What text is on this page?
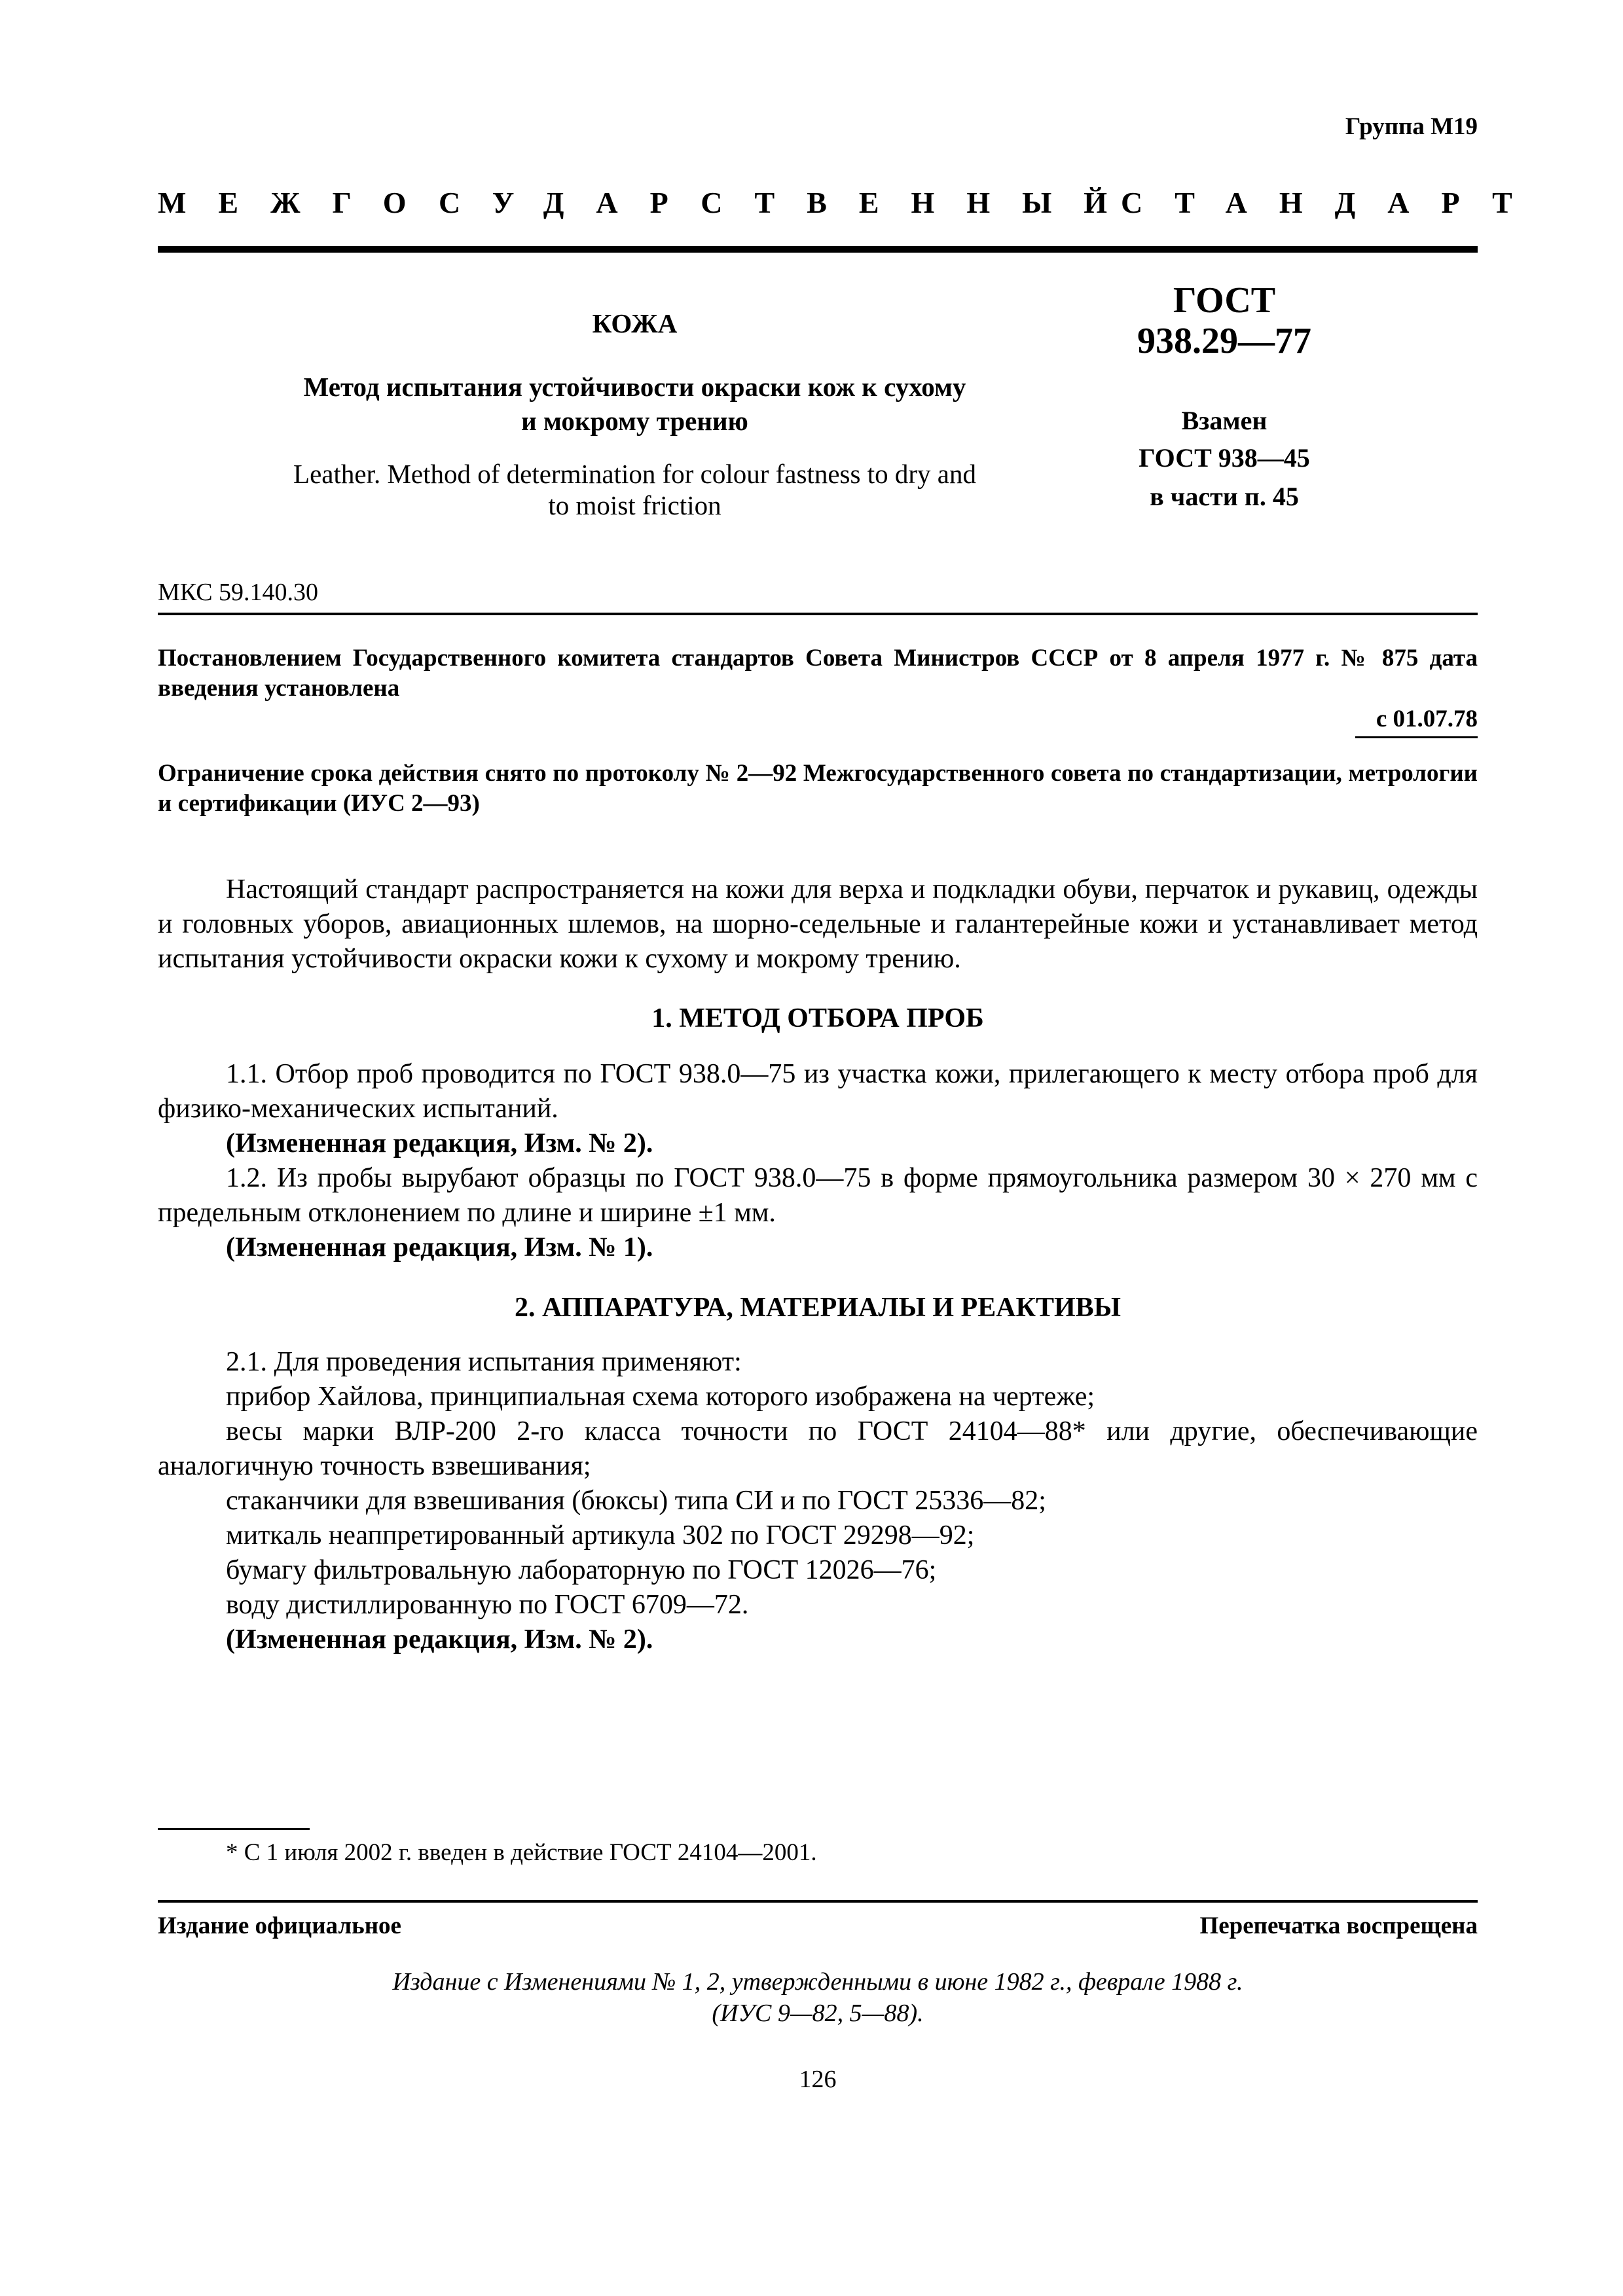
Группа М19
МЕЖГОСУДАРСТВЕННЫЙ
СТАНДАРТ
КОЖА
Метод испытания устойчивости окраски кож к сухому
и мокрому трению
Leather. Method of determination for colour fastness to dry and
to moist friction
ГОСТ
938.29—77
Взамен
ГОСТ 938—45
в части п. 45
МКС 59.140.30
Постановлением Государственного комитета стандартов Совета Министров СССР от 8 апреля 1977 г. № 875 дата введения установлена
с 01.07.78
Ограничение срока действия снято по протоколу № 2—92 Межгосударственного совета по стандартизации, метрологии и сертификации (ИУС 2—93)
Настоящий стандарт распространяется на кожи для верха и подкладки обуви, перчаток и рукавиц, одежды и головных уборов, авиационных шлемов, на шорно-седельные и галантерейные кожи и устанавливает метод испытания устойчивости окраски кожи к сухому и мокрому трению.
1. МЕТОД ОТБОРА ПРОБ
1.1. Отбор проб проводится по ГОСТ 938.0—75 из участка кожи, прилегающего к месту отбора проб для физико-механических испытаний.
(Измененная редакция, Изм. № 2).
1.2. Из пробы вырубают образцы по ГОСТ 938.0—75 в форме прямоугольника размером 30 × 270 мм с предельным отклонением по длине и ширине ±1 мм.
(Измененная редакция, Изм. № 1).
2. АППАРАТУРА, МАТЕРИАЛЫ И РЕАКТИВЫ
2.1. Для проведения испытания применяют:
прибор Хайлова, принципиальная схема которого изображена на чертеже;
весы марки ВЛР-200 2-го класса точности по ГОСТ 24104—88* или другие, обеспечивающие аналогичную точность взвешивания;
стаканчики для взвешивания (бюксы) типа СИ и по ГОСТ 25336—82;
миткаль неаппретированный артикула 302 по ГОСТ 29298—92;
бумагу фильтровальную лабораторную по ГОСТ 12026—76;
воду дистиллированную по ГОСТ 6709—72.
(Измененная редакция, Изм. № 2).
* С 1 июля 2002 г. введен в действие ГОСТ 24104—2001.
Издание официальное	Перепечатка воспрещена
Издание с Изменениями № 1, 2, утвержденными в июне 1982 г., феврале 1988 г.
(ИУС 9—82, 5—88).
126
